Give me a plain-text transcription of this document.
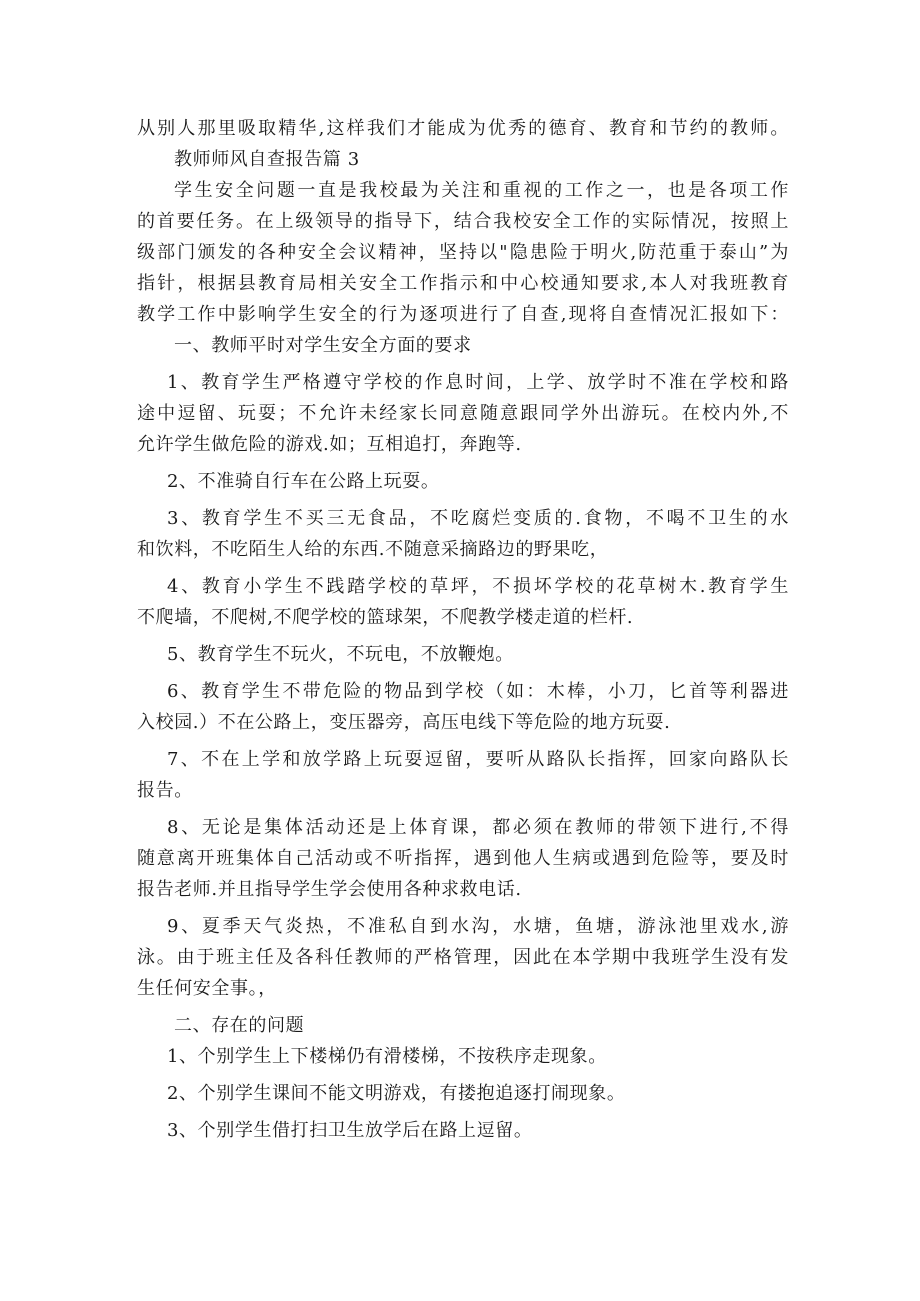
从别人那里吸取精华,这样我们才能成为优秀的德育、教育和节约的教师。
教师师风自查报告篇 3
学生安全问题一直是我校最为关注和重视的工作之一，也是各项工作
的首要任务。在上级领导的指导下，结合我校安全工作的实际情况，按照上
级部门颁发的各种安全会议精神，坚持以"隐患险于明火,防范重于泰山”为
指针，根据县教育局相关安全工作指示和中心校通知要求,本人对我班教育
教学工作中影响学生安全的行为逐项进行了自查,现将自查情况汇报如下：
一、教师平时对学生安全方面的要求
1、教育学生严格遵守学校的作息时间，上学、放学时不准在学校和路
途中逗留、玩耍；不允许未经家长同意随意跟同学外出游玩。在校内外,不
允许学生做危险的游戏.如；互相追打，奔跑等.
2、不准骑自行车在公路上玩耍。
3、教育学生不买三无食品，不吃腐烂变质的.食物，不喝不卫生的水
和饮料，不吃陌生人给的东西.不随意采摘路边的野果吃，
4、教育小学生不践踏学校的草坪，不损坏学校的花草树木.教育学生
不爬墙，不爬树,不爬学校的篮球架，不爬教学楼走道的栏杆.
5、教育学生不玩火，不玩电，不放鞭炮。
6、教育学生不带危险的物品到学校（如：木棒，小刀，匕首等利器进
入校园.）不在公路上，变压器旁，高压电线下等危险的地方玩耍.
7、不在上学和放学路上玩耍逗留，要听从路队长指挥，回家向路队长
报告。
8、无论是集体活动还是上体育课，都必须在教师的带领下进行,不得
随意离开班集体自己活动或不听指挥，遇到他人生病或遇到危险等，要及时
报告老师.并且指导学生学会使用各种求救电话.
9、夏季天气炎热，不准私自到水沟，水塘，鱼塘，游泳池里戏水,游
泳。由于班主任及各科任教师的严格管理，因此在本学期中我班学生没有发
生任何安全事。，
二、存在的问题
1、个别学生上下楼梯仍有滑楼梯，不按秩序走现象。
2、个别学生课间不能文明游戏，有搂抱追逐打闹现象。
3、个别学生借打扫卫生放学后在路上逗留。
